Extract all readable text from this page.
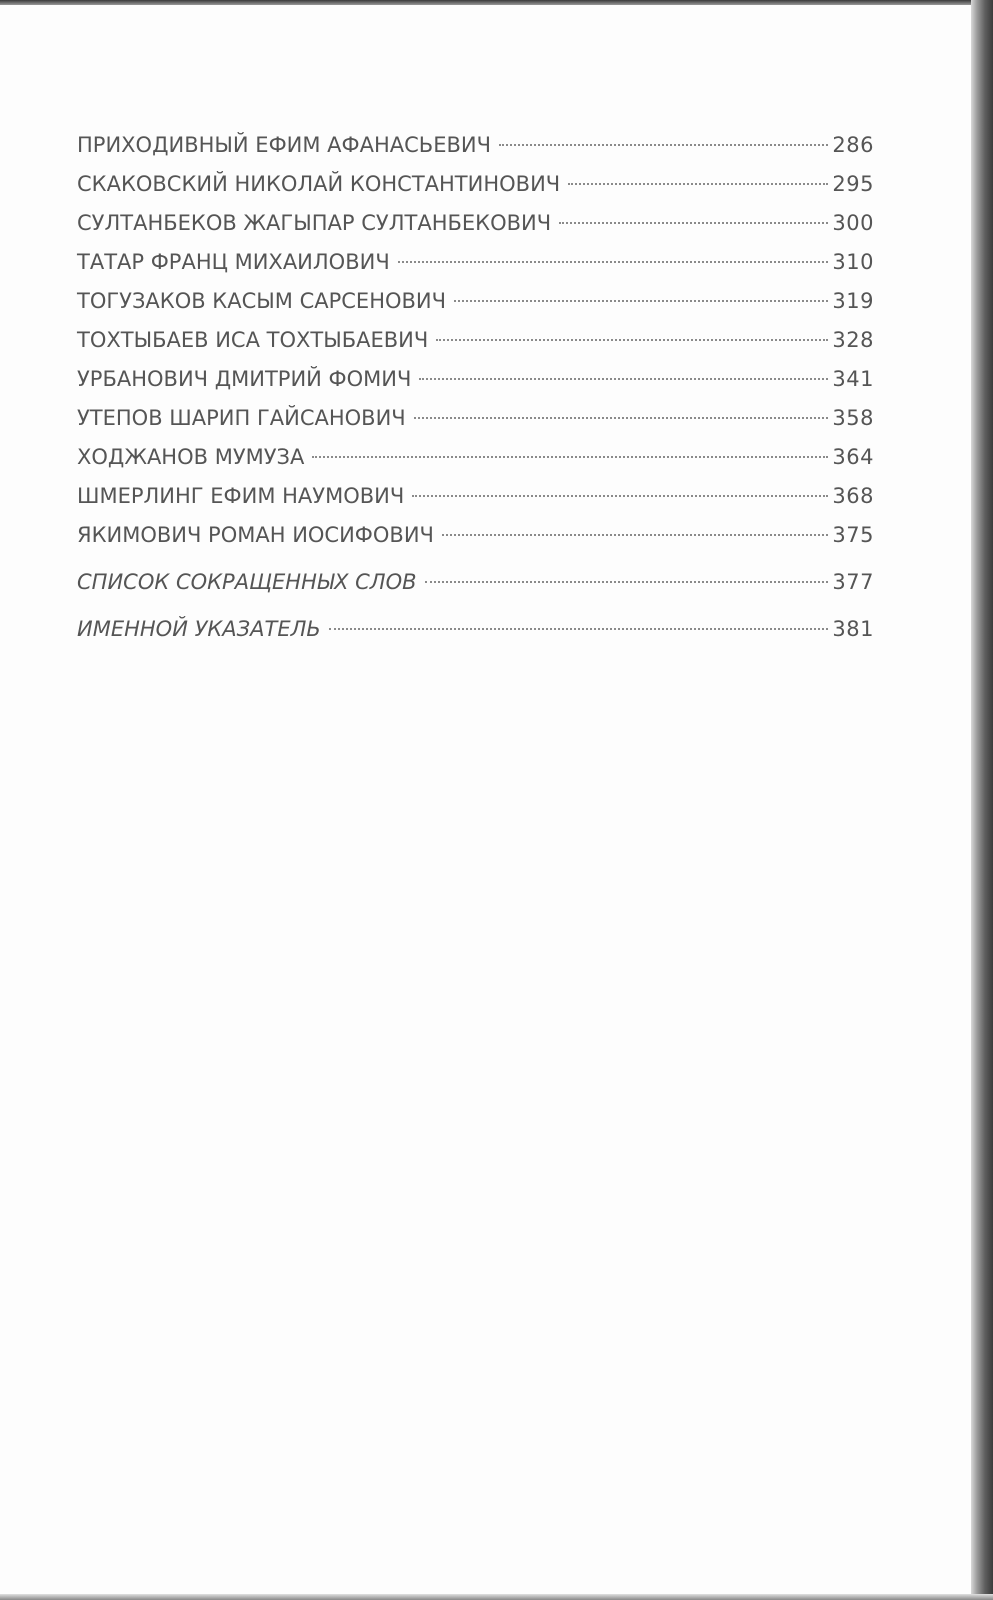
ПРИХОДИВНЫЙ ЕФИМ АФАНАСЬЕВИЧ	286
СКАКОВСКИЙ НИКОЛАЙ КОНСТАНТИНОВИЧ	295
СУЛТАНБЕКОВ ЖАГЫПАР СУЛТАНБЕКОВИЧ	300
ТАТАР ФРАНЦ МИХАИЛОВИЧ	310
ТОГУЗАКОВ КАСЫМ САРСЕНОВИЧ	319
ТОХТЫБАЕВ ИСА ТОХТЫБАЕВИЧ	328
УРБАНОВИЧ ДМИТРИЙ ФОМИЧ	341
УТЕПОВ ШАРИП ГАЙСАНОВИЧ	358
ХОДЖАНОВ МУМУЗА	364
ШМЕРЛИНГ ЕФИМ НАУМОВИЧ	368
ЯКИМОВИЧ РОМАН ИОСИФОВИЧ	375
СПИСОК СОКРАЩЕННЫХ СЛОВ	377
ИМЕННОЙ УКАЗАТЕЛЬ	381
